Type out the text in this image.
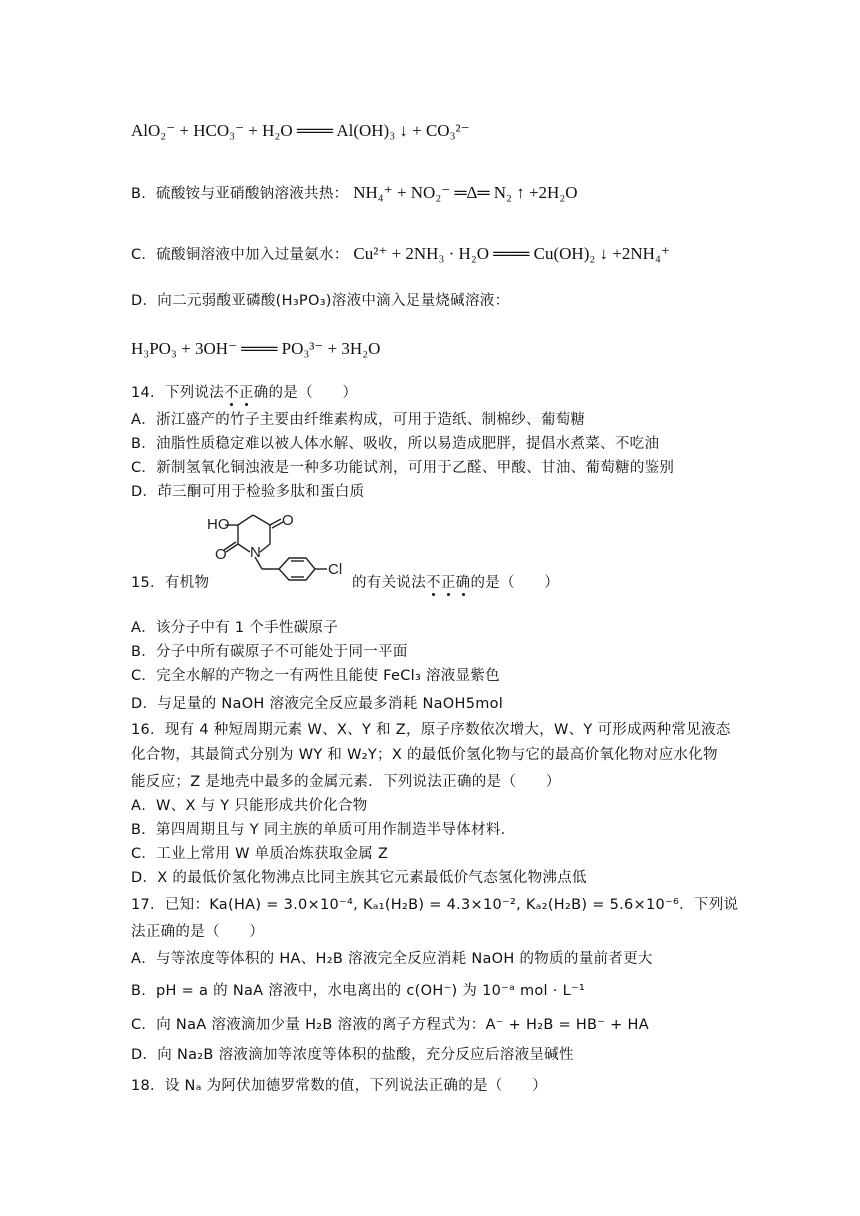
AlO₂⁻ + HCO₃⁻ + H₂O ═══ Al(OH)₃ ↓ + CO₃²⁻
B．硫酸铵与亚硝酸钠溶液共热： NH₄⁺ + NO₂⁻ ═Δ═ N₂ ↑ +2H₂O
C．硫酸铜溶液中加入过量氨水： Cu²⁺ + 2NH₃ · H₂O ═══ Cu(OH)₂ ↓ +2NH₄⁺
D．向二元弱酸亚磷酸(H₃PO₃)溶液中滴入足量烧碱溶液：
H₃PO₃ + 3OH⁻ ═══ PO₃³⁻ + 3H₂O
14．下列说法不正确的是（　　）
A．浙江盛产的竹子主要由纤维素构成，可用于造纸、制棉纱、葡萄糖
B．油脂性质稳定难以被人体水解、吸收，所以易造成肥胖，提倡水煮菜、不吃油
C．新制氢氧化铜浊液是一种多功能试剂，可用于乙醛、甲酸、甘油、葡萄糖的鉴别
D．茚三酮可用于检验多肽和蛋白质
HO	O
O N
Cl
15．有机物	的有关说法不正确的是（　　）
A．该分子中有 1 个手性碳原子
B．分子中所有碳原子不可能处于同一平面
C．完全水解的产物之一有两性且能使 FeCl₃ 溶液显紫色
D．与足量的 NaOH 溶液完全反应最多消耗 NaOH5mol
16．现有 4 种短周期元素 W、X、Y 和 Z，原子序数依次增大，W、Y 可形成两种常见液态
化合物，其最简式分别为 WY 和 W₂Y；X 的最低价氢化物与它的最高价氧化物对应水化物
能反应；Z 是地壳中最多的金属元素．下列说法正确的是（　　）
A．W、X 与 Y 只能形成共价化合物
B．第四周期且与 Y 同主族的单质可用作制造半导体材料．
C．工业上常用 W 单质冶炼获取金属 Z
D．X 的最低价氢化物沸点比同主族其它元素最低价气态氢化物沸点低
17．已知：Ka(HA) = 3.0×10⁻⁴, Kₐ₁(H₂B) = 4.3×10⁻², Kₐ₂(H₂B) = 5.6×10⁻⁶．下列说
法正确的是（　　）
A．与等浓度等体积的 HA、H₂B 溶液完全反应消耗 NaOH 的物质的量前者更大
B．pH = a 的 NaA 溶液中，水电离出的 c(OH⁻) 为 10⁻ᵃ mol · L⁻¹
C．向 NaA 溶液滴加少量 H₂B 溶液的离子方程式为：A⁻ + H₂B = HB⁻ + HA
D．向 Na₂B 溶液滴加等浓度等体积的盐酸，充分反应后溶液呈碱性
18．设 Nₐ 为阿伏加德罗常数的值，下列说法正确的是（　　）
